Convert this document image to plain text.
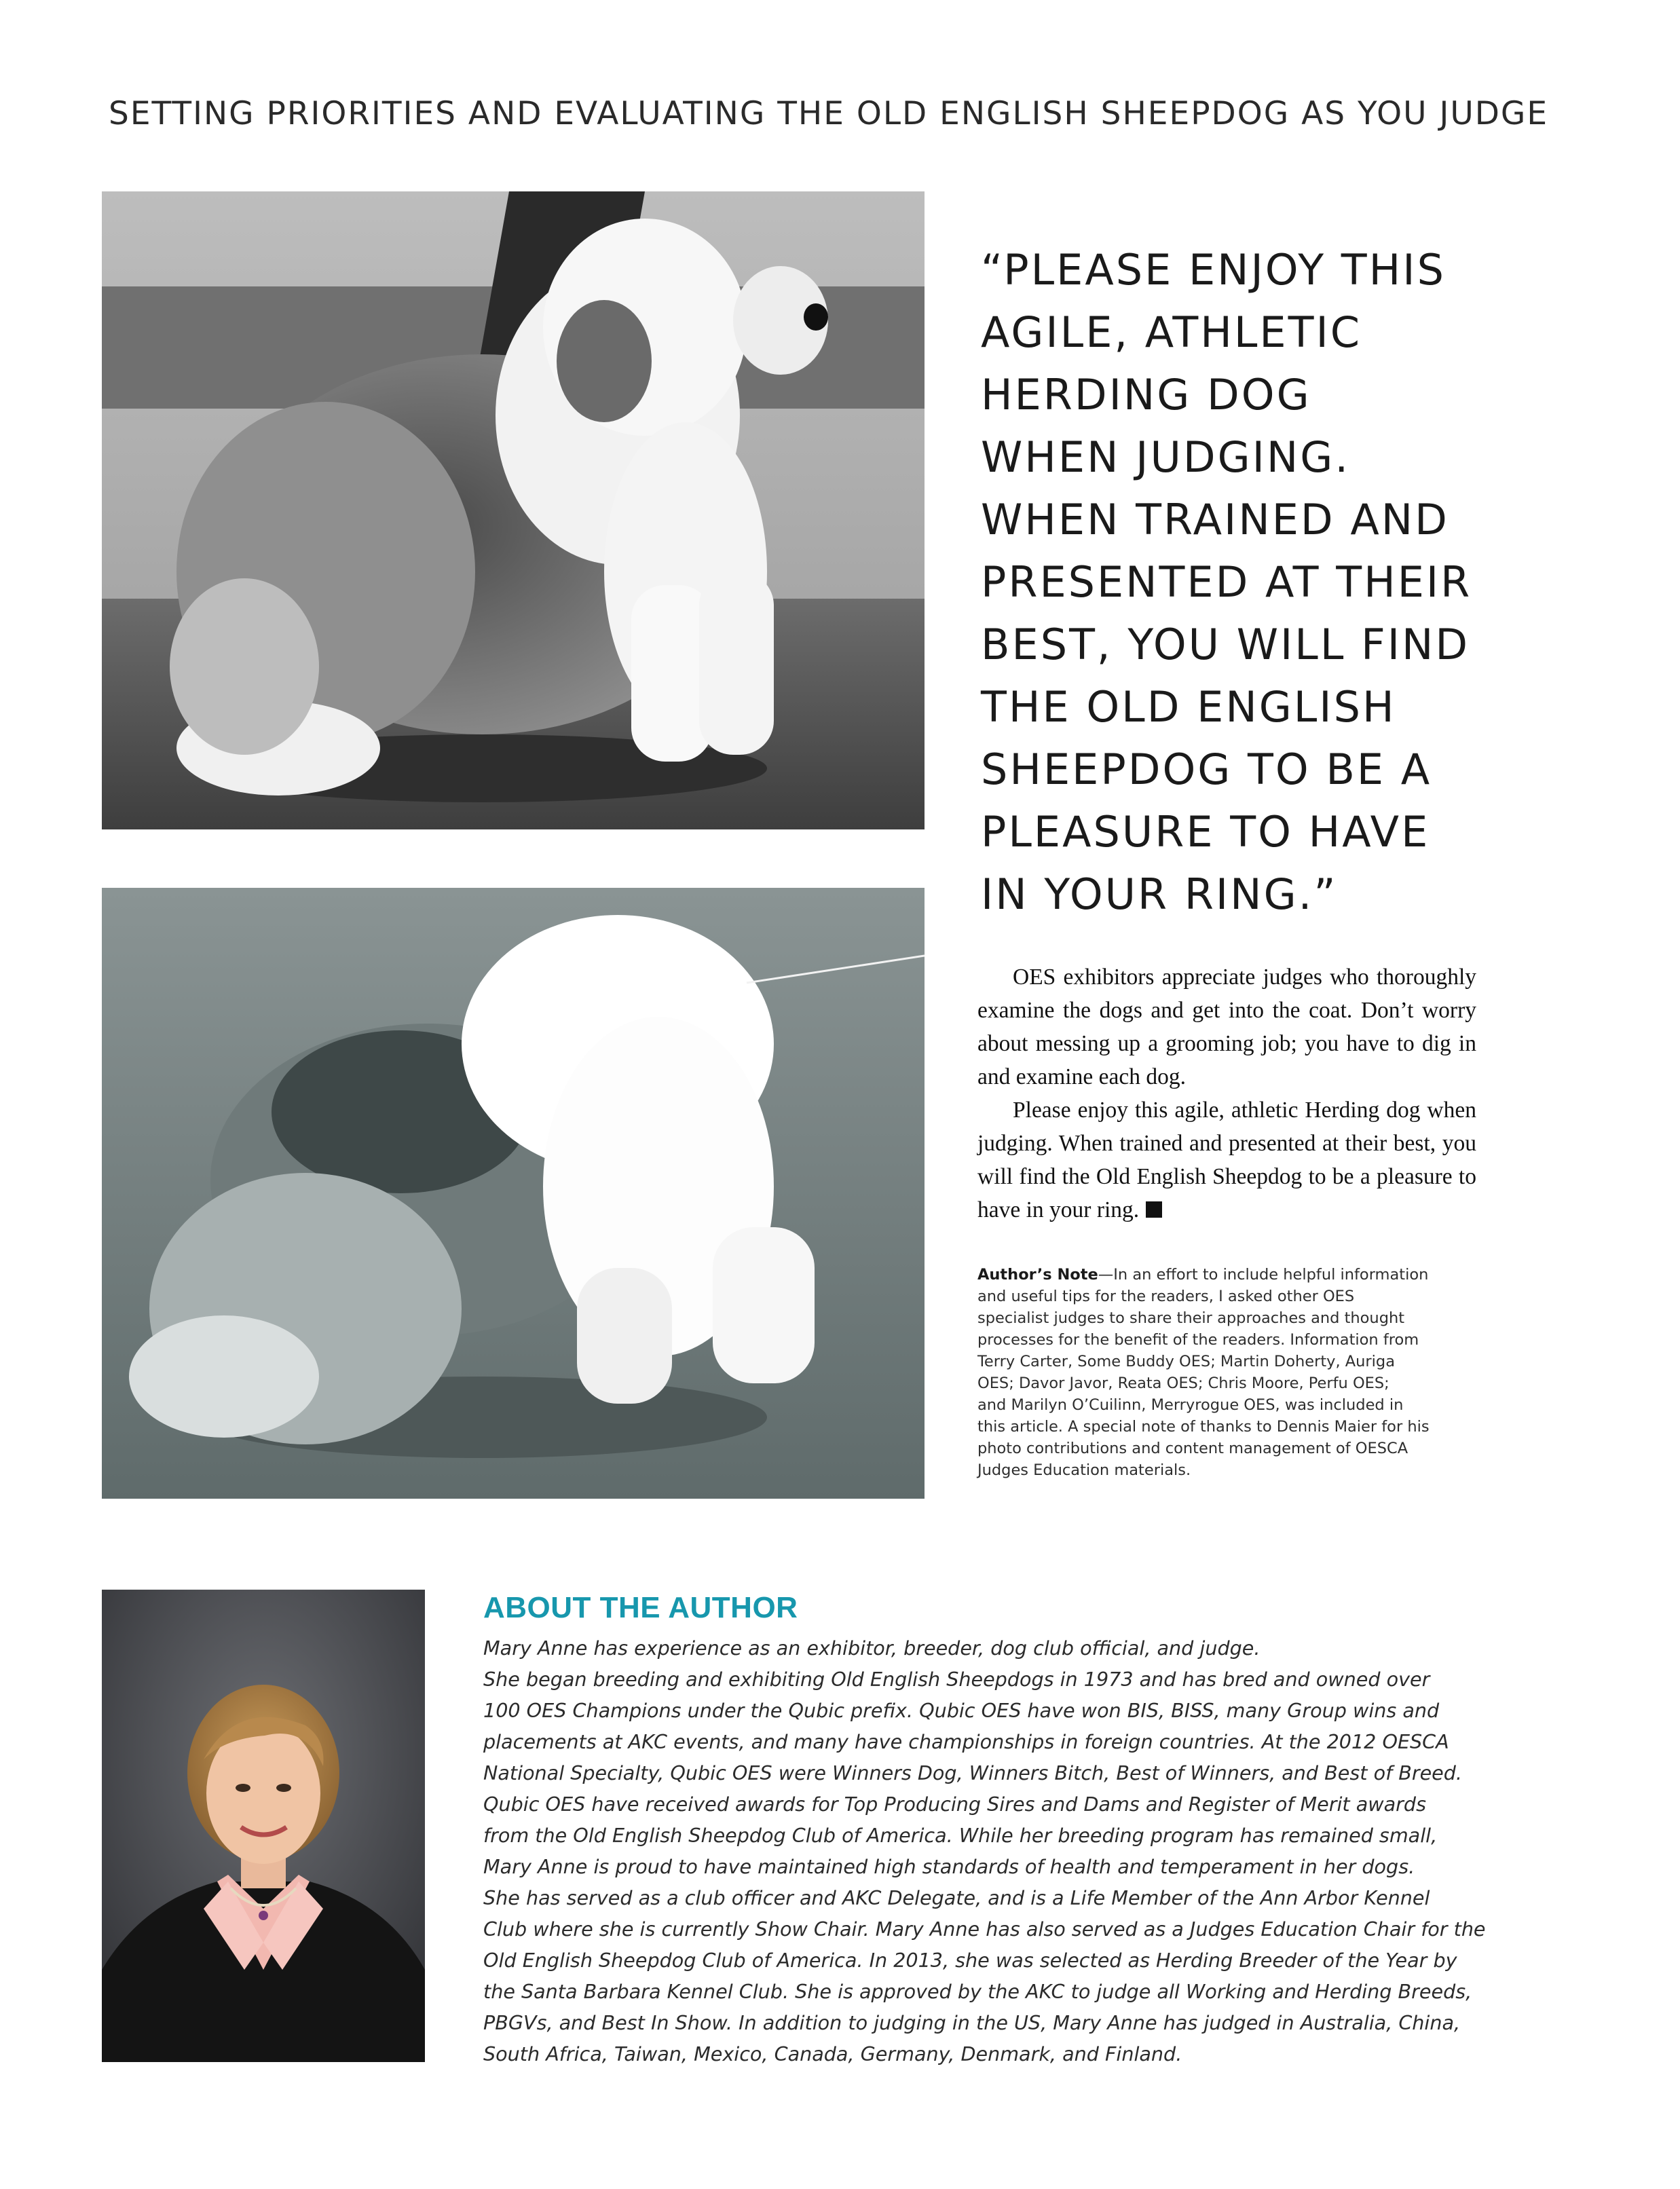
SETTING PRIORITIES AND EVALUATING THE OLD ENGLISH SHEEPDOG AS YOU JUDGE
“PLEASE ENJOY THIS
AGILE, ATHLETIC
HERDING DOG
WHEN JUDGING.
WHEN TRAINED AND
PRESENTED AT THEIR
BEST, YOU WILL FIND
THE OLD ENGLISH
SHEEPDOG TO BE A
PLEASURE TO HAVE
IN YOUR RING.”

OES exhibitors appreciate judges who thoroughly examine the dogs and get into the coat. Don’t worry about messing up a grooming job; you have to dig in and examine each dog.

Please enjoy this agile, athletic Herding dog when judging. When trained and presented at their best, you will find the Old English Sheepdog to be a pleasure to have in your ring.

Author’s Note—In an effort to include helpful information
and useful tips for the readers, I asked other OES
specialist judges to share their approaches and thought
processes for the benefit of the readers. Information from
Terry Carter, Some Buddy OES; Martin Doherty, Auriga
OES; Davor Javor, Reata OES; Chris Moore, Perfu OES;
and Marilyn O’Cuilinn, Merryrogue OES, was included in
this article. A special note of thanks to Dennis Maier for his
photo contributions and content management of OESCA
Judges Education materials.
ABOUT THE AUTHOR
Mary Anne has experience as an exhibitor, breeder, dog club official, and judge.
She began breeding and exhibiting Old English Sheepdogs in 1973 and has bred and owned over
100 OES Champions under the Qubic prefix. Qubic OES have won BIS, BISS, many Group wins and
placements at AKC events, and many have championships in foreign countries. At the 2012 OESCA
National Specialty, Qubic OES were Winners Dog, Winners Bitch, Best of Winners, and Best of Breed.
Qubic OES have received awards for Top Producing Sires and Dams and Register of Merit awards
from the Old English Sheepdog Club of America. While her breeding program has remained small,
Mary Anne is proud to have maintained high standards of health and temperament in her dogs.
She has served as a club officer and AKC Delegate, and is a Life Member of the Ann Arbor Kennel
Club where she is currently Show Chair. Mary Anne has also served as a Judges Education Chair for the
Old English Sheepdog Club of America. In 2013, she was selected as Herding Breeder of the Year by
the Santa Barbara Kennel Club. She is approved by the AKC to judge all Working and Herding Breeds,
PBGVs, and Best In Show. In addition to judging in the US, Mary Anne has judged in Australia, China,
South Africa, Taiwan, Mexico, Canada, Germany, Denmark, and Finland.
